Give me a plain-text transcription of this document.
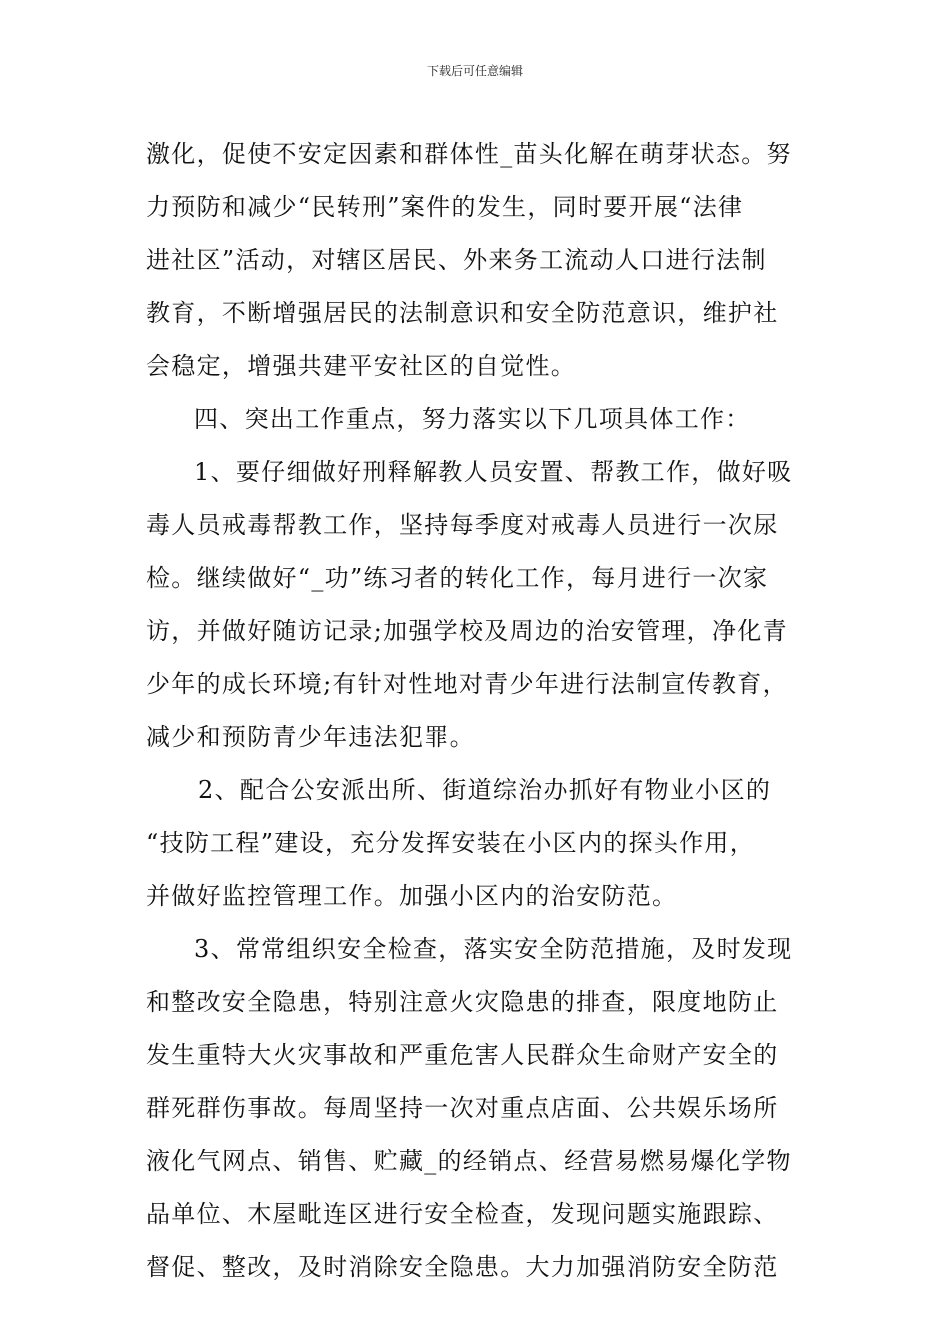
下载后可任意编辑
激化，促使不安定因素和群体性_苗头化解在萌芽状态。努
力预防和减少“民转刑”案件的发生，同时要开展“法律
进社区”活动，对辖区居民、外来务工流动人口进行法制
教育，不断增强居民的法制意识和安全防范意识，维护社
会稳定，增强共建平安社区的自觉性。
四、突出工作重点，努力落实以下几项具体工作：
1、要仔细做好刑释解教人员安置、帮教工作，做好吸
毒人员戒毒帮教工作，坚持每季度对戒毒人员进行一次尿
检。继续做好“_功”练习者的转化工作，每月进行一次家
访，并做好随访记录;加强学校及周边的治安管理，净化青
少年的成长环境;有针对性地对青少年进行法制宣传教育，
减少和预防青少年违法犯罪。
2、配合公安派出所、街道综治办抓好有物业小区的
“技防工程”建设，充分发挥安装在小区内的探头作用，
并做好监控管理工作。加强小区内的治安防范。
3、常常组织安全检查，落实安全防范措施，及时发现
和整改安全隐患，特别注意火灾隐患的排查，限度地防止
发生重特大火灾事故和严重危害人民群众生命财产安全的
群死群伤事故。每周坚持一次对重点店面、公共娱乐场所
液化气网点、销售、贮藏_的经销点、经营易燃易爆化学物
品单位、木屋毗连区进行安全检查，发现问题实施跟踪、
督促、整改，及时消除安全隐患。大力加强消防安全防范
